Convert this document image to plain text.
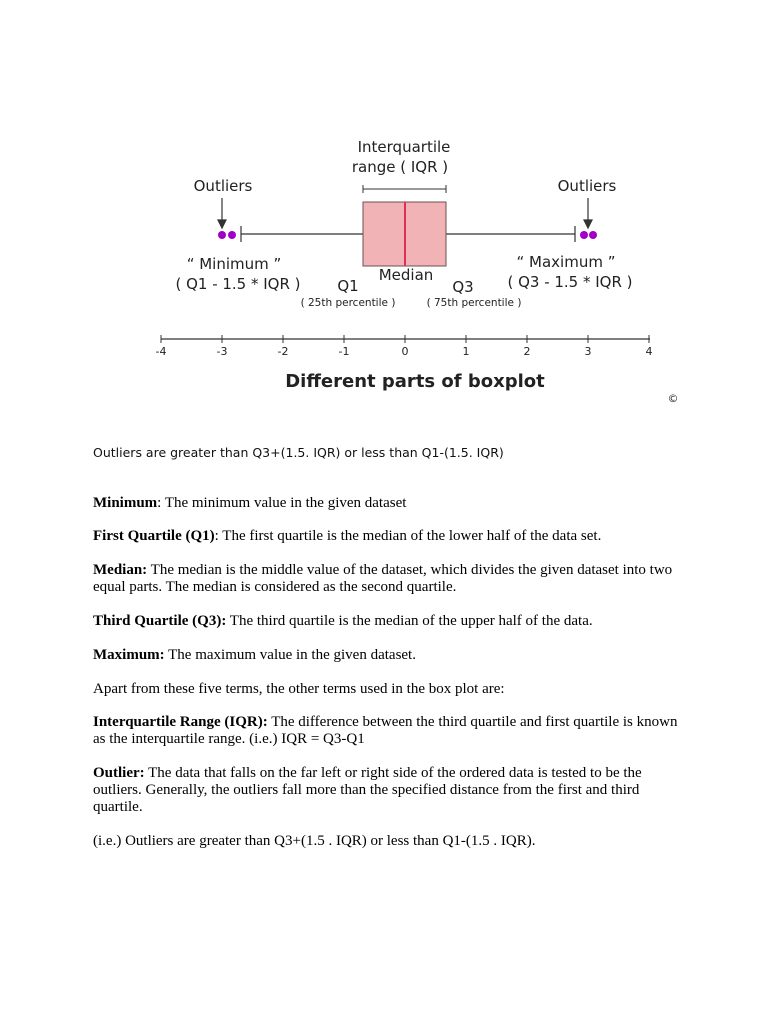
Interquartile
range ( IQR )
Outliers	Outliers
“ Minimum ”
( Q1 - 1.5 * IQR )
“ Maximum ”
( Q3 - 1.5 * IQR )
Q1
Median
Q3
( 25th percentile )	( 75th percentile )
-4	-3	-2	-1	0	1	2	3	4
Different parts of boxplot
©
Outliers are greater than Q3+(1.5. IQR) or less than Q1-(1.5. IQR)

Minimum: The minimum value in the given dataset

First Quartile (Q1): The first quartile is the median of the lower half of the data set.

Median: The median is the middle value of the dataset, which divides the given dataset into two equal parts. The median is considered as the second quartile.

Third Quartile (Q3): The third quartile is the median of the upper half of the data.

Maximum: The maximum value in the given dataset.

Apart from these five terms, the other terms used in the box plot are:

Interquartile Range (IQR): The difference between the third quartile and first quartile is known as the interquartile range. (i.e.) IQR = Q3-Q1

Outlier: The data that falls on the far left or right side of the ordered data is tested to be the outliers. Generally, the outliers fall more than the specified distance from the first and third quartile.

(i.e.) Outliers are greater than Q3+(1.5 . IQR) or less than Q1-(1.5 . IQR).
